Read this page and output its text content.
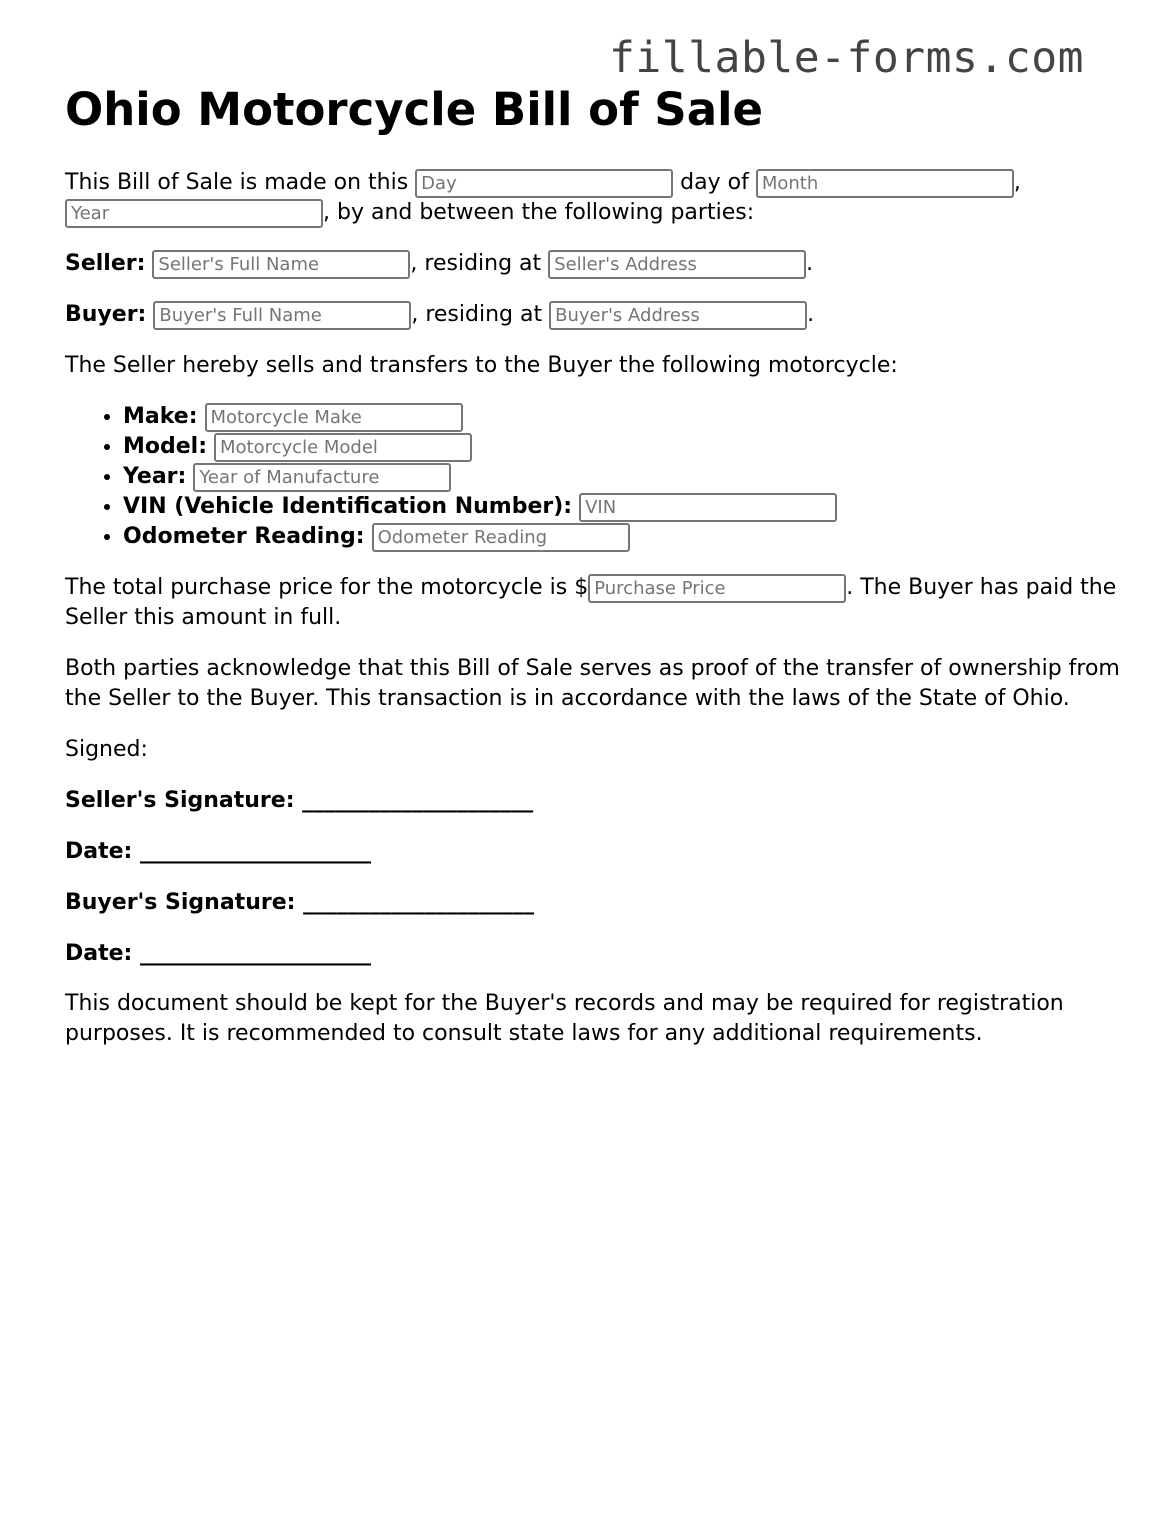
fillable-forms.com
Ohio Motorcycle Bill of Sale

This Bill of Sale is made on this Day	day of Month	, Year, by and between the following parties:

Seller: Seller's Full Name	, residing at Seller's Address	.

Buyer: Buyer's Full Name	, residing at Buyer's Address	.

The Seller hereby sells and transfers to the Buyer the following motorcycle:

• Make: Motorcycle Make
• Model: Motorcycle Model
• Year: Year of Manufacture
• VIN (Vehicle Identification Number): VIN
• Odometer Reading: Odometer Reading

The total purchase price for the motorcycle is $Purchase Price	. The Buyer has paid the Seller this amount in full.

Both parties acknowledge that this Bill of Sale serves as proof of the transfer of ownership from the Seller to the Buyer. This transaction is in accordance with the laws of the State of Ohio.

Signed:

Seller's Signature: _____________________

Date: _____________________

Buyer's Signature: _____________________

Date: _____________________

This document should be kept for the Buyer's records and may be required for registration purposes. It is recommended to consult state laws for any additional requirements.
